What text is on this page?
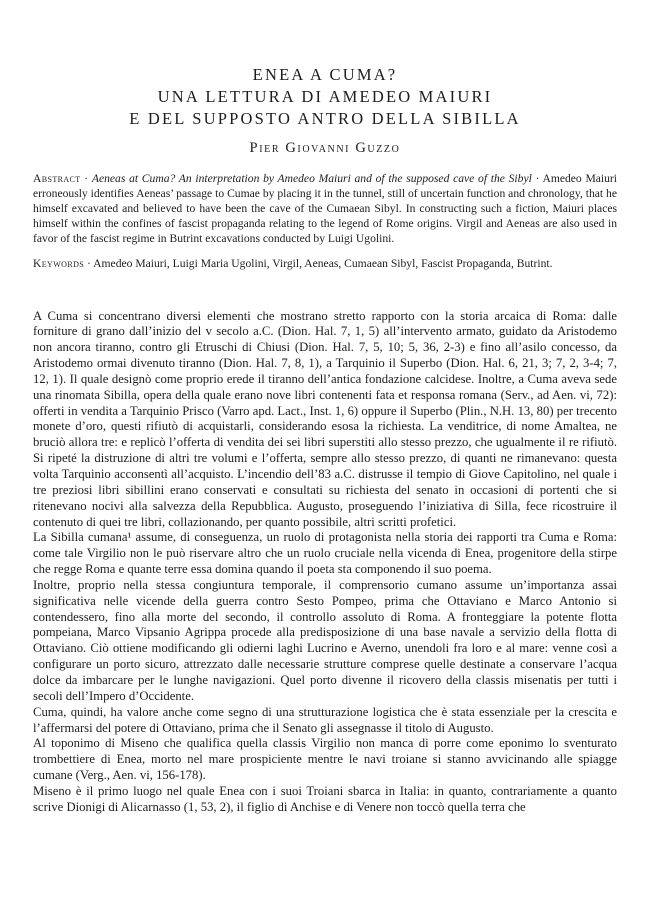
ENEA A CUMA?
UNA LETTURA DI AMEDEO MAIURI
E DEL SUPPOSTO ANTRO DELLA SIBILLA
Pier Giovanni Guzzo
Abstract · Aeneas at Cuma? An interpretation by Amedeo Maiuri and of the supposed cave of the Sibyl · Amedeo Maiuri erroneously identifies Aeneas’ passage to Cumae by placing it in the tunnel, still of uncertain function and chronology, that he himself excavated and believed to have been the cave of the Cumaean Sibyl. In constructing such a fiction, Maiuri places himself within the confines of fascist propaganda relating to the legend of Rome origins. Virgil and Aeneas are also used in favor of the fascist regime in Butrint excavations conducted by Luigi Ugolini.
Keywords · Amedeo Maiuri, Luigi Maria Ugolini, Virgil, Aeneas, Cumaean Sibyl, Fascist Propaganda, Butrint.

A Cuma si concentrano diversi elementi che mostrano stretto rapporto con la storia arcaica di Roma: dalle forniture di grano dall’inizio del v secolo a.C. (Dion. Hal. 7, 1, 5) all’intervento armato, guidato da Aristodemo non ancora tiranno, contro gli Etruschi di Chiusi (Dion. Hal. 7, 5, 10; 5, 36, 2-3) e fino all’asilo concesso, da Aristodemo ormai divenuto tiranno (Dion. Hal. 7, 8, 1), a Tarquinio il Superbo (Dion. Hal. 6, 21, 3; 7, 2, 3-4; 7, 12, 1). Il quale designò come proprio erede il tiranno dell’antica fondazione calcidese. Inoltre, a Cuma aveva sede una rinomata Sibilla, opera della quale erano nove libri contenenti fata et responsa romana (Serv., ad Aen. vi, 72): offerti in vendita a Tarquinio Prisco (Varro apd. Lact., Inst. 1, 6) oppure il Superbo (Plin., N.H. 13, 80) per trecento monete d’oro, questi rifiutò di acquistarli, considerando esosa la richiesta. La venditrice, di nome Amaltea, ne bruciò allora tre: e replicò l’offerta di vendita dei sei libri superstiti allo stesso prezzo, che ugualmente il re rifiutò. Si ripeté la distruzione di altri tre volumi e l’offerta, sempre allo stesso prezzo, di quanti ne rimanevano: questa volta Tarquinio acconsentì all’acquisto. L’incendio dell’83 a.C. distrusse il tempio di Giove Capitolino, nel quale i tre preziosi libri sibillini erano conservati e consultati su richiesta del senato in occasioni di portenti che si ritenevano nocivi alla salvezza della Repubblica. Augusto, proseguendo l’iniziativa di Silla, fece ricostruire il contenuto di quei tre libri, collazionando, per quanto possibile, altri scritti profetici.

La Sibilla cumana¹ assume, di conseguenza, un ruolo di protagonista nella storia dei rapporti tra Cuma e Roma: come tale Virgilio non le può riservare altro che un ruolo cruciale nella vicenda di Enea, progenitore della stirpe che regge Roma e quante terre essa domina quando il poeta sta componendo il suo poema.

Inoltre, proprio nella stessa congiuntura temporale, il comprensorio cumano assume un’importanza assai significativa nelle vicende della guerra contro Sesto Pompeo, prima che Ottaviano e Marco Antonio si contendessero, fino alla morte del secondo, il controllo assoluto di Roma. A fronteggiare la potente flotta pompeiana, Marco Vipsanio Agrippa procede alla predisposizione di una base navale a servizio della flotta di Ottaviano. Ciò ottiene modificando gli odierni laghi Lucrino e Averno, unendoli fra loro e al mare: venne così a configurare un porto sicuro, attrezzato dalle necessarie strutture comprese quelle destinate a conservare l’acqua dolce da imbarcare per le lunghe navigazioni. Quel porto divenne il ricovero della classis misenatis per tutti i secoli dell’Impero d’Occidente.

Cuma, quindi, ha valore anche come segno di una strutturazione logistica che è stata essenziale per la crescita e l’affermarsi del potere di Ottaviano, prima che il Senato gli assegnasse il titolo di Augusto.

Al toponimo di Miseno che qualifica quella classis Virgilio non manca di porre come eponimo lo sventurato trombettiere di Enea, morto nel mare prospiciente mentre le navi troiane si stanno avvicinando alle spiagge cumane (Verg., Aen. vi, 156-178).

Miseno è il primo luogo nel quale Enea con i suoi Troiani sbarca in Italia: in quanto, contrariamente a quanto scrive Dionigi di Alicarnasso (1, 53, 2), il figlio di Anchise e di Venere non toccò quella terra che
